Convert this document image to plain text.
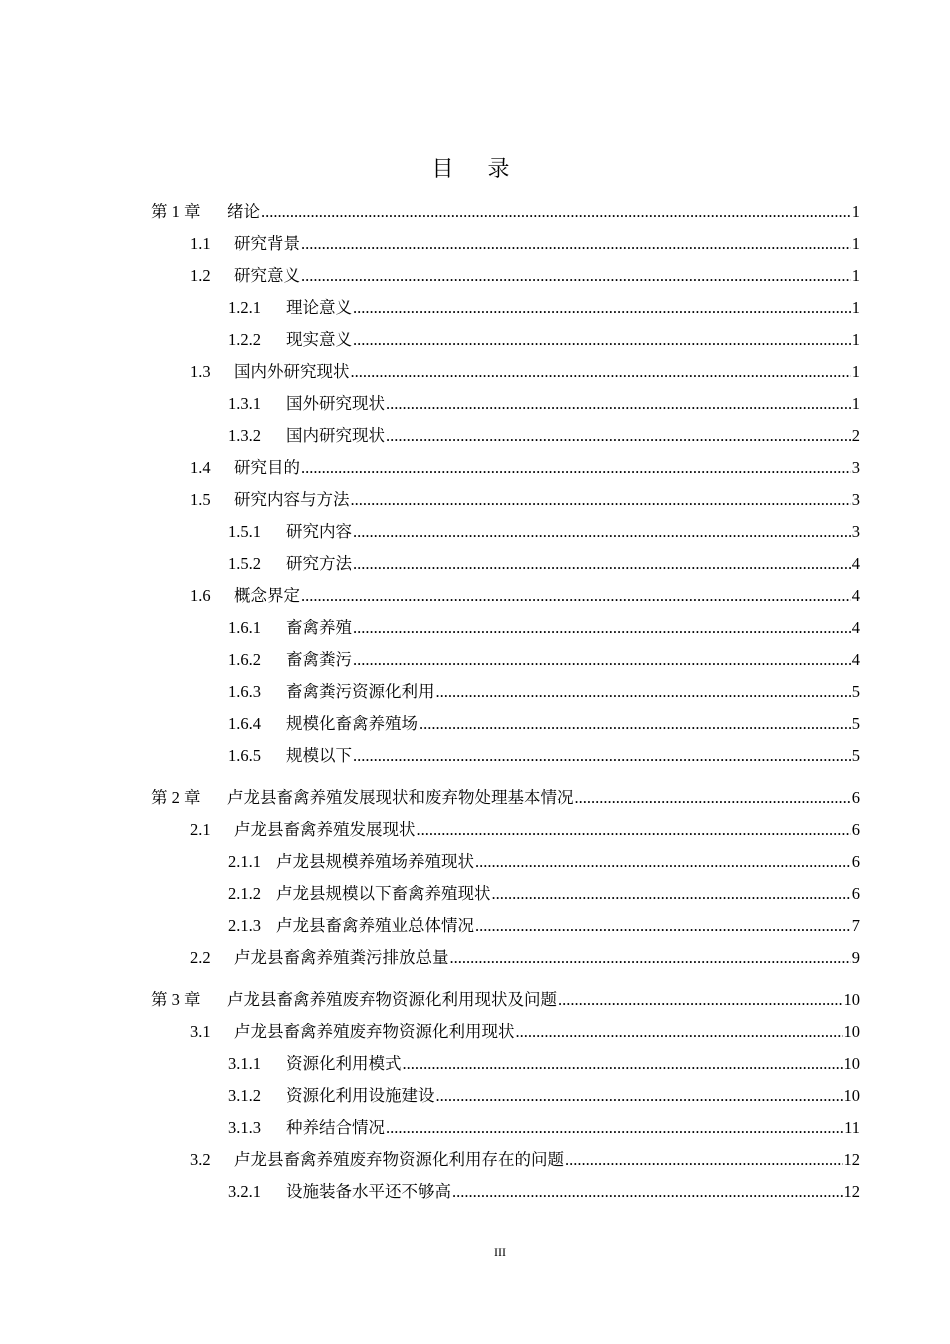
目录
第 1 章	绪论 .....	1
1.1	研究背景 .....	1
1.2	研究意义 .....	1
1.2.1	理论意义 .....	1
1.2.2	现实意义 .....	1
1.3	国内外研究现状 .....	1
1.3.1	国外研究现状 .....	1
1.3.2	国内研究现状 .....	2
1.4	研究目的 .....	3
1.5	研究内容与方法 .....	3
1.5.1	研究内容 .....	3
1.5.2	研究方法 .....	4
1.6	概念界定 .....	4
1.6.1	畜禽养殖 .....	4
1.6.2	畜禽粪污 .....	4
1.6.3	畜禽粪污资源化利用 .....	5
1.6.4	规模化畜禽养殖场 .....	5
1.6.5	规模以下 .....	5
第 2 章	卢龙县畜禽养殖发展现状和废弃物处理基本情况 .....	6
2.1	卢龙县畜禽养殖发展现状 .....	6
2.1.1 卢龙县规模养殖场养殖现状 .....	6
2.1.2 卢龙县规模以下畜禽养殖现状 .....	6
2.1.3 卢龙县畜禽养殖业总体情况 .....	7
2.2	卢龙县畜禽养殖粪污排放总量 .....	9
第 3 章	卢龙县畜禽养殖废弃物资源化利用现状及问题 .....	10
3.1	卢龙县畜禽养殖废弃物资源化利用现状 .....	10
3.1.1	资源化利用模式 .....	10
3.1.2	资源化利用设施建设 .....	10
3.1.3	种养结合情况 .....	11
3.2	卢龙县畜禽养殖废弃物资源化利用存在的问题 .....	12
3.2.1	设施装备水平还不够高 .....	12
III
